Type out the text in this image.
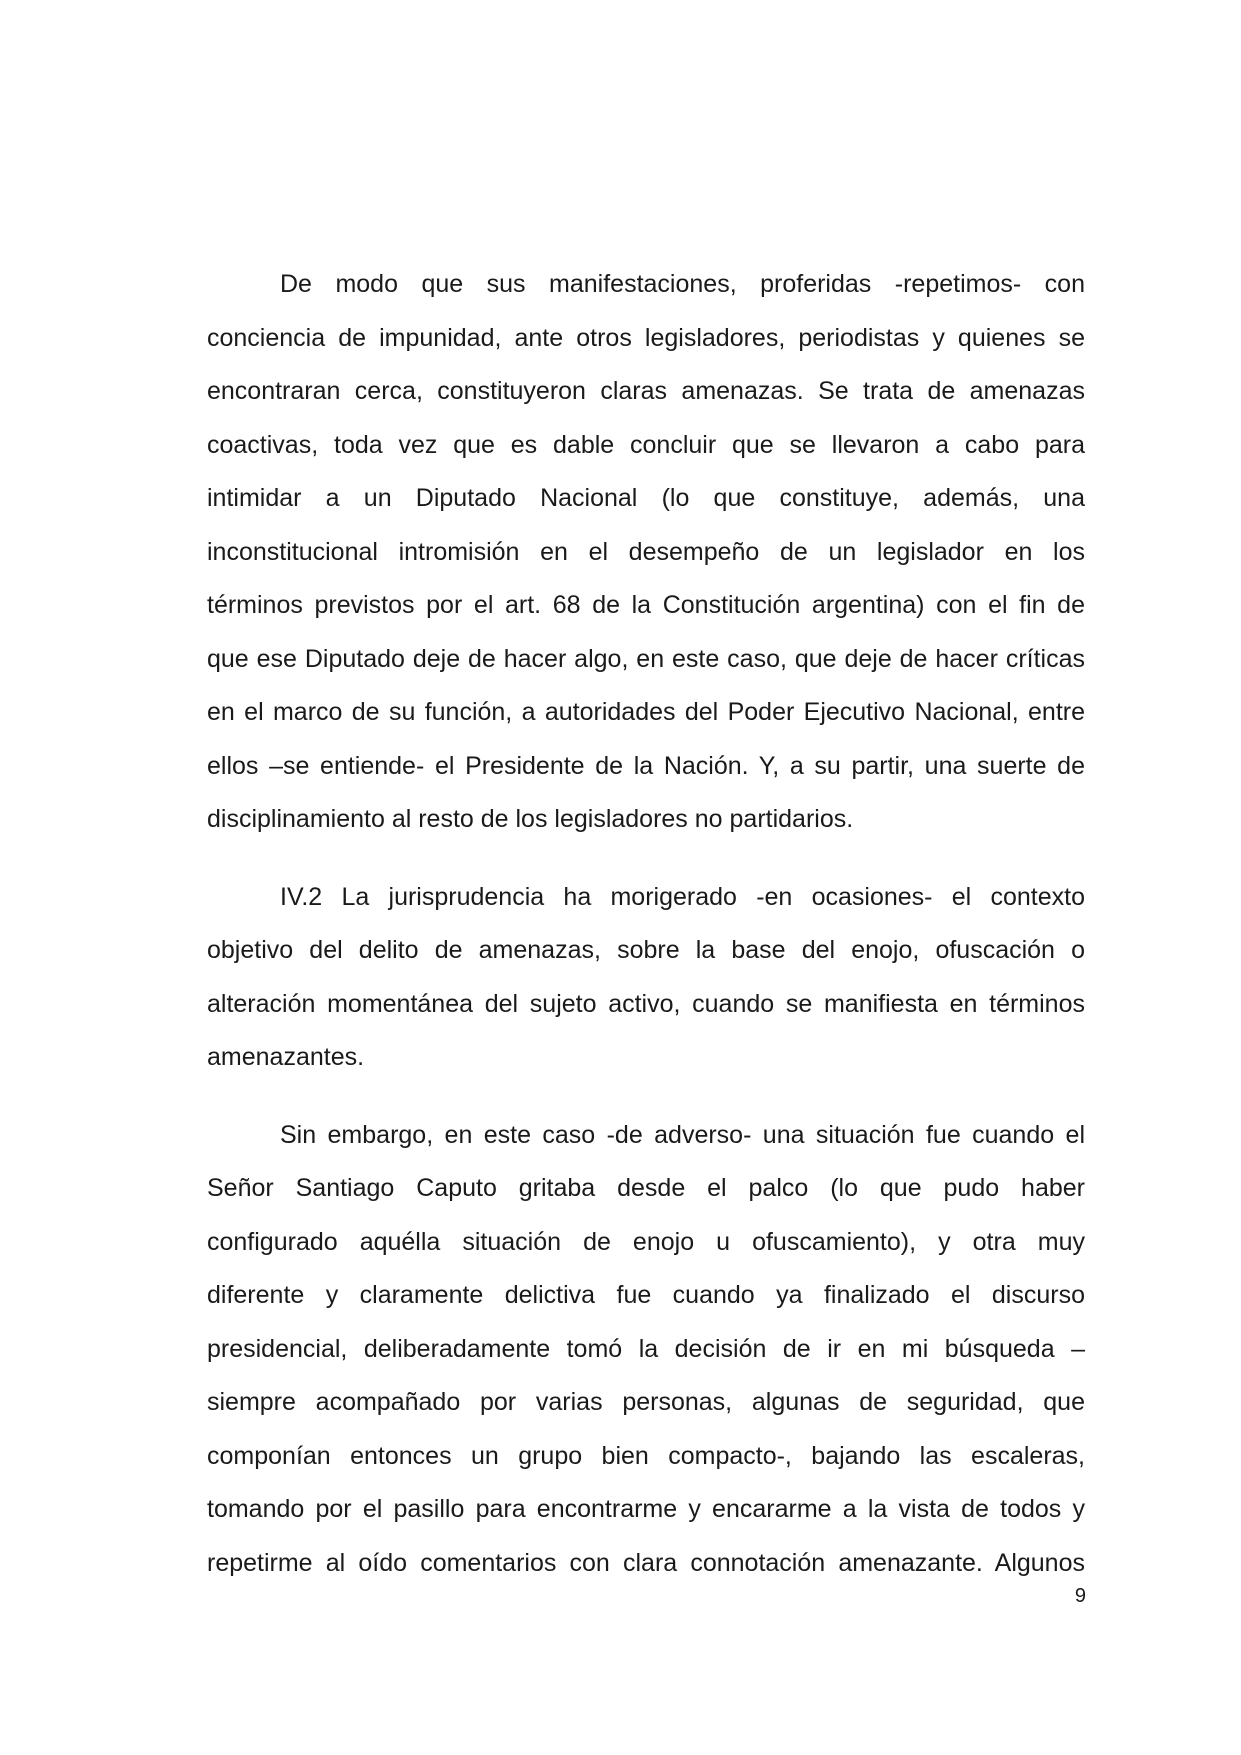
De modo que sus manifestaciones, proferidas -repetimos- con
conciencia de impunidad, ante otros legisladores, periodistas y quienes se
encontraran cerca, constituyeron claras amenazas. Se trata de amenazas
coactivas, toda vez que es dable concluir que se llevaron a cabo para
intimidar a un Diputado Nacional (lo que constituye, además, una
inconstitucional intromisión en el desempeño de un legislador en los
términos previstos por el art. 68 de la Constitución argentina) con el fin de
que ese Diputado deje de hacer algo, en este caso, que deje de hacer críticas
en el marco de su función, a autoridades del Poder Ejecutivo Nacional, entre
ellos –se entiende- el Presidente de la Nación. Y, a su partir, una suerte de
disciplinamiento al resto de los legisladores no partidarios.

IV.2 La jurisprudencia ha morigerado -en ocasiones- el contexto
objetivo del delito de amenazas, sobre la base del enojo, ofuscación o
alteración momentánea del sujeto activo, cuando se manifiesta en términos
amenazantes.

Sin embargo, en este caso -de adverso- una situación fue cuando el
Señor Santiago Caputo gritaba desde el palco (lo que pudo haber
configurado aquélla situación de enojo u ofuscamiento), y otra muy
diferente y claramente delictiva fue cuando ya finalizado el discurso
presidencial, deliberadamente tomó la decisión de ir en mi búsqueda –
siempre acompañado por varias personas, algunas de seguridad, que
componían entonces un grupo bien compacto-, bajando las escaleras,
tomando por el pasillo para encontrarme y encararme a la vista de todos y
repetirme al oído comentarios con clara connotación amenazante. Algunos

9
